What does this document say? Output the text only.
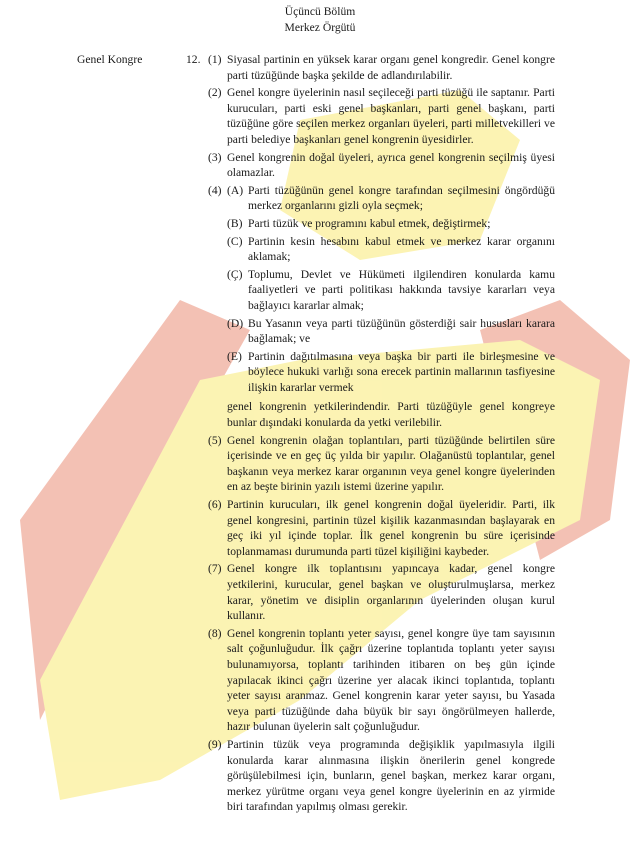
Üçüncü Bölüm
Merkez Örgütü
Genel Kongre	12. (1) Siyasal partinin en yüksek karar organı genel kongredir. Genel kongre parti tüzüğünde başka şekilde de adlandırılabilir.
(2) Genel kongre üyelerinin nasıl seçileceği parti tüzüğü ile saptanır. Parti kurucuları, parti eski genel başkanları, parti genel başkanı, parti tüzüğüne göre seçilen merkez organları üyeleri, parti milletvekilleri ve parti belediye başkanları genel kongrenin üyesidirler.
(3) Genel kongrenin doğal üyeleri, ayrıca genel kongrenin seçilmiş üyesi olamazlar.
(4) (A) Parti tüzüğünün genel kongre tarafından seçilmesini öngördüğü merkez organlarını gizli oyla seçmek;
(B) Parti tüzük ve programını kabul etmek, değiştirmek;
(C) Partinin kesin hesabını kabul etmek ve merkez karar organını aklamak;
(Ç) Toplumu, Devlet ve Hükümeti ilgilendiren konularda kamu faaliyetleri ve parti politikası hakkında tavsiye kararları veya bağlayıcı kararlar almak;
(D) Bu Yasanın veya parti tüzüğünün gösterdiği sair hususları karara bağlamak; ve
(E) Partinin dağıtılmasına veya başka bir parti ile birleşmesine ve böylece hukuki varlığı sona erecek partinin mallarının tasfiyesine ilişkin kararlar vermek
genel kongrenin yetkilerindendir. Parti tüzüğüyle genel kongreye bunlar dışındaki konularda da yetki verilebilir.
(5) Genel kongrenin olağan toplantıları, parti tüzüğünde belirtilen süre içerisinde ve en geç üç yılda bir yapılır. Olağanüstü toplantılar, genel başkanın veya merkez karar organının veya genel kongre üyelerinden en az beşte birinin yazılı istemi üzerine yapılır.
(6) Partinin kurucuları, ilk genel kongrenin doğal üyeleridir. Parti, ilk genel kongresini, partinin tüzel kişilik kazanmasından başlayarak en geç iki yıl içinde toplar. İlk genel kongrenin bu süre içerisinde toplanmaması durumunda parti tüzel kişiliğini kaybeder.
(7) Genel kongre ilk toplantısını yapıncaya kadar, genel kongre yetkilerini, kurucular, genel başkan ve oluşturulmuşlarsa, merkez karar, yönetim ve disiplin organlarının üyelerinden oluşan kurul kullanır.
(8) Genel kongrenin toplantı yeter sayısı, genel kongre üye tam sayısının salt çoğunluğudur. İlk çağrı üzerine toplantıda toplantı yeter sayısı bulunamıyorsa, toplantı tarihinden itibaren on beş gün içinde yapılacak ikinci çağrı üzerine yer alacak ikinci toplantıda, toplantı yeter sayısı aranmaz. Genel kongrenin karar yeter sayısı, bu Yasada veya parti tüzüğünde daha büyük bir sayı öngörülmeyen hallerde, hazır bulunan üyelerin salt çoğunluğudur.
(9) Partinin tüzük veya programında değişiklik yapılmasıyla ilgili konularda karar alınmasına ilişkin önerilerin genel kongrede görüşülebilmesi için, bunların, genel başkan, merkez karar organı, merkez yürütme organı veya genel kongre üyelerinin en az yirmide biri tarafından yapılmış olması gerekir.
